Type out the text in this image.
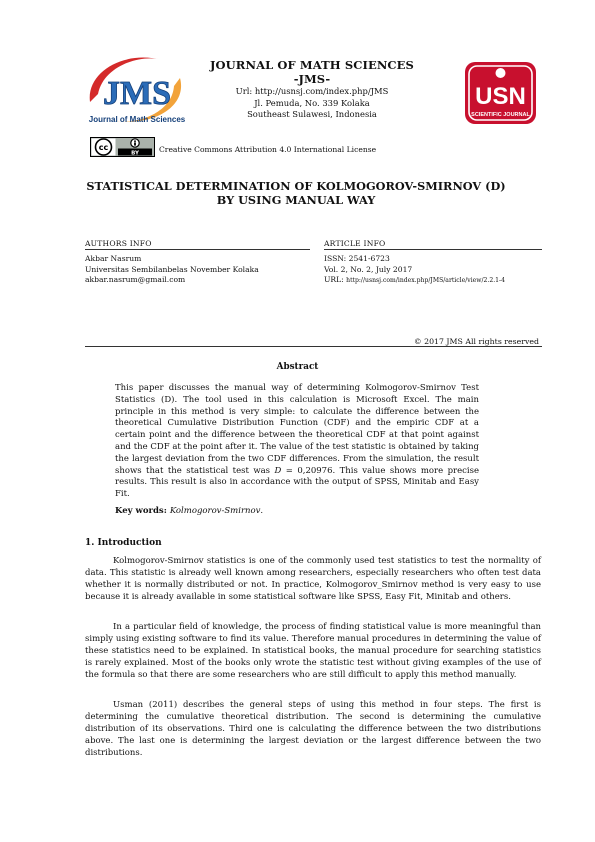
JMS
Journal of Math Sciences
JOURNAL OF MATH SCIENCES
-JMS-
Url: http://usnsj.com/index.php/JMS
Jl. Pemuda, No. 339 Kolaka
Southeast Sulawesi, Indonesia
USN
SCIENTIFIC JOURNAL
cc
BY	Creative Commons Attribution 4.0 International License
STATISTICAL DETERMINATION OF KOLMOGOROV-SMIRNOV (D)
BY USING MANUAL WAY
AUTHORS INFO
Akbar Nasrum
Universitas Sembilanbelas November Kolaka
akbar.nasrum@gmail.com
ARTICLE INFO
ISSN: 2541-6723
Vol. 2, No. 2, July 2017
URL: http://usnsj.com/index.php/JMS/article/view/2.2.1-4
© 2017 JMS All rights reserved
Abstract
This paper discusses the manual way of determining Kolmogorov-Smirnov Test Statistics (D). The tool used in this calculation is Microsoft Excel. The main principle in this method is very simple: to calculate the difference between the theoretical Cumulative Distribution Function (CDF) and the empiric CDF at a certain point and the difference between the theoretical CDF at that point against and the CDF at the point after it. The value of the test statistic is obtained by taking the largest deviation from the two CDF differences. From the simulation, the result shows that the statistical test was D = 0,20976. This value shows more precise results. This result is also in accordance with the output of SPSS, Minitab and Easy Fit.
Key words: Kolmogorov-Smirnov.
1. Introduction
Kolmogorov-Smirnov statistics is one of the commonly used test statistics to test the normality of data. This statistic is already well known among researchers, especially researchers who often test data whether it is normally distributed or not. In practice, Kolmogorov_Smirnov method is very easy to use because it is already available in some statistical software like SPSS, Easy Fit, Minitab and others.
In a particular field of knowledge, the process of finding statistical value is more meaningful than simply using existing software to find its value. Therefore manual procedures in determining the value of these statistics need to be explained. In statistical books, the manual procedure for searching statistics is rarely explained. Most of the books only wrote the statistic test without giving examples of the use of the formula so that there are some researchers who are still difficult to apply this method manually.
Usman (2011) describes the general steps of using this method in four steps. The first is determining the cumulative theoretical distribution. The second is determining the cumulative distribution of its observations. Third one is calculating the difference between the two distributions above. The last one is determining the largest deviation or the largest difference between the two distributions.
